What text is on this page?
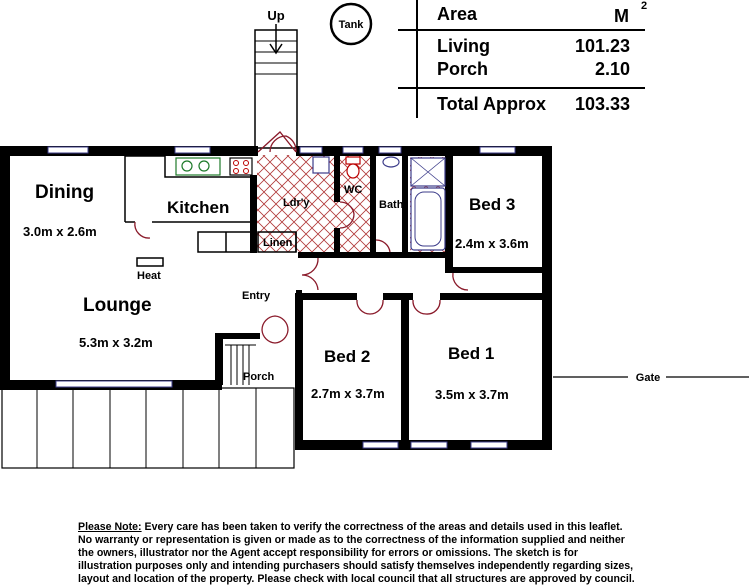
Area	M 2
Living	101.23
Porch	2.10
Total Approx 103.33
Tank
Up
Gate
Dining
3.0m x 2.6m
Kitchen
Lounge
5.3m x 3.2m
Bed 3
2.4m x 3.6m
Bed 2
2.7m x 3.7m
Bed 1
3.5m x 3.7m
Ldr'y
Linen
WC
Bath
Heat
Entry
Porch
Please Note: Every care has been taken to verify the correctness of the areas and details used in this leaflet.
No warranty or representation is given or made as to the correctness of the information supplied and neither
the owners, illustrator nor the Agent accept responsibility for errors or omissions. The sketch is for
illustration purposes only and intending purchasers should satisfy themselves independently regarding sizes,
layout and location of the property. Please check with local council that all structures are approved by council.
